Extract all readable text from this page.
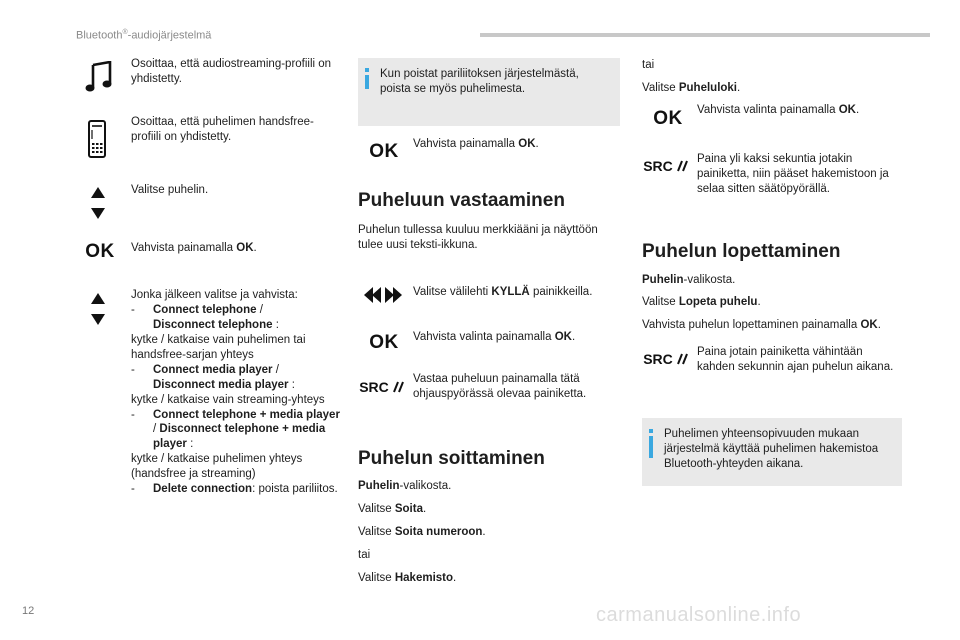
Bluetooth®-audiojärjestelmä
Osoittaa, että audiostreaming-profiili on yhdistetty.
Osoittaa, että puhelimen handsfree-profiili on yhdistetty.
Valitse puhelin.
OK Vahvista painamalla OK.
Jonka jälkeen valitse ja vahvista:
-	Connect telephone /
Disconnect telephone :
kytke / katkaise vain puhelimen tai handsfree-sarjan yhteys
-	Connect media player /
Disconnect media player :
kytke / katkaise vain streaming-yhteys
-	Connect telephone + media player / Disconnect telephone + media player :
kytke / katkaise puhelimen yhteys (handsfree ja streaming)
-	Delete connection: poista pariliitos.
Kun poistat pariliitoksen järjestelmästä, poista se myös puhelimesta.
OK Vahvista painamalla OK.
Puheluun vastaaminen
Puhelun tullessa kuuluu merkkiääni ja näyttöön tulee uusi teksti-ikkuna.
Valitse välilehti KYLLÄ painikkeilla.
OK Vahvista valinta painamalla OK.
SRC Vastaa puheluun painamalla tätä ohjauspyörässä olevaa painiketta.
Puhelun soittaminen
Puhelin-valikosta.
Valitse Soita.
Valitse Soita numeroon.
tai
Valitse Hakemisto.
tai
Valitse Puheluloki.
OK Vahvista valinta painamalla OK.
SRC Paina yli kaksi sekuntia jotakin painiketta, niin pääset hakemistoon ja selaa sitten säätöpyörällä.
Puhelun lopettaminen
Puhelin-valikosta.
Valitse Lopeta puhelu.
Vahvista puhelun lopettaminen painamalla OK.
SRC Paina jotain painiketta vähintään kahden sekunnin ajan puhelun aikana.
Puhelimen yhteensopivuuden mukaan järjestelmä käyttää puhelimen hakemistoa Bluetooth-yhteyden aikana.
12	carmanualsonline.info
